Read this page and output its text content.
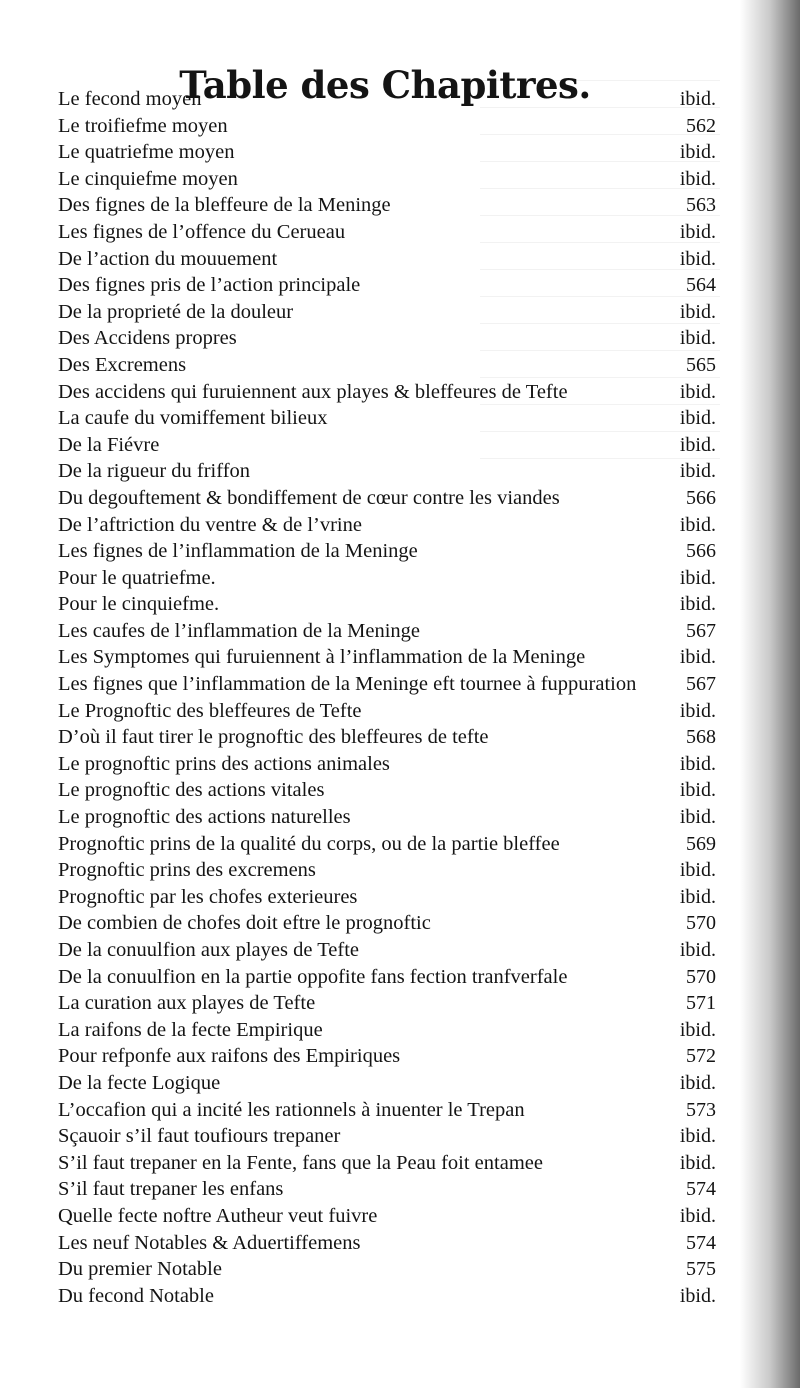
Table des Chapitres.
Le fecond moyen	ibid.
Le troifiefme moyen	562
Le quatriefme moyen	ibid.
Le cinquiefme moyen	ibid.
Des fignes de la bleffeure de la Meninge	563
Les fignes de l’offence du Cerueau	ibid.
De l’action du mouuement	ibid.
Des fignes pris de l’action principale	564
De la proprieté de la douleur	ibid.
Des Accidens propres	ibid.
Des Excremens	565
Des accidens qui furuiennent aux playes & bleffeures de Tefte	ibid.
La caufe du vomiffement bilieux	ibid.
De la Fiévre	ibid.
De la rigueur du friffon	ibid.
Du degouftement & bondiffement de cœur contre les viandes	566
De l’aftriction du ventre & de l’vrine	ibid.
Les fignes de l’inflammation de la Meninge	566
Pour le quatriefme.	ibid.
Pour le cinquiefme.	ibid.
Les caufes de l’inflammation de la Meninge	567
Les Symptomes qui furuiennent à l’inflammation de la Meninge	ibid.
Les fignes que l’inflammation de la Meninge eft tournee à fuppuration 567
Le Prognoftic des bleffeures de Tefte	ibid.
D’où il faut tirer le prognoftic des bleffeures de tefte	568
Le prognoftic prins des actions animales	ibid.
Le prognoftic des actions vitales	ibid.
Le prognoftic des actions naturelles	ibid.
Prognoftic prins de la qualité du corps, ou de la partie bleffee	569
Prognoftic prins des excremens	ibid.
Prognoftic par les chofes exterieures	ibid.
De combien de chofes doit eftre le prognoftic	570
De la conuulfion aux playes de Tefte	ibid.
De la conuulfion en la partie oppofite fans fection tranfverfale	570
La curation aux playes de Tefte	571
La raifons de la fecte Empirique	ibid.
Pour refponfe aux raifons des Empiriques	572
De la fecte Logique	ibid.
L’occafion qui a incité les rationnels à inuenter le Trepan	573
Sçauoir s’il faut toufiours trepaner	ibid.
S’il faut trepaner en la Fente, fans que la Peau foit entamee	ibid.
S’il faut trepaner les enfans	574
Quelle fecte noftre Autheur veut fuivre	ibid.
Les neuf Notables & Aduertiffemens	574
Du premier Notable	575
Du fecond Notable	ibid.
